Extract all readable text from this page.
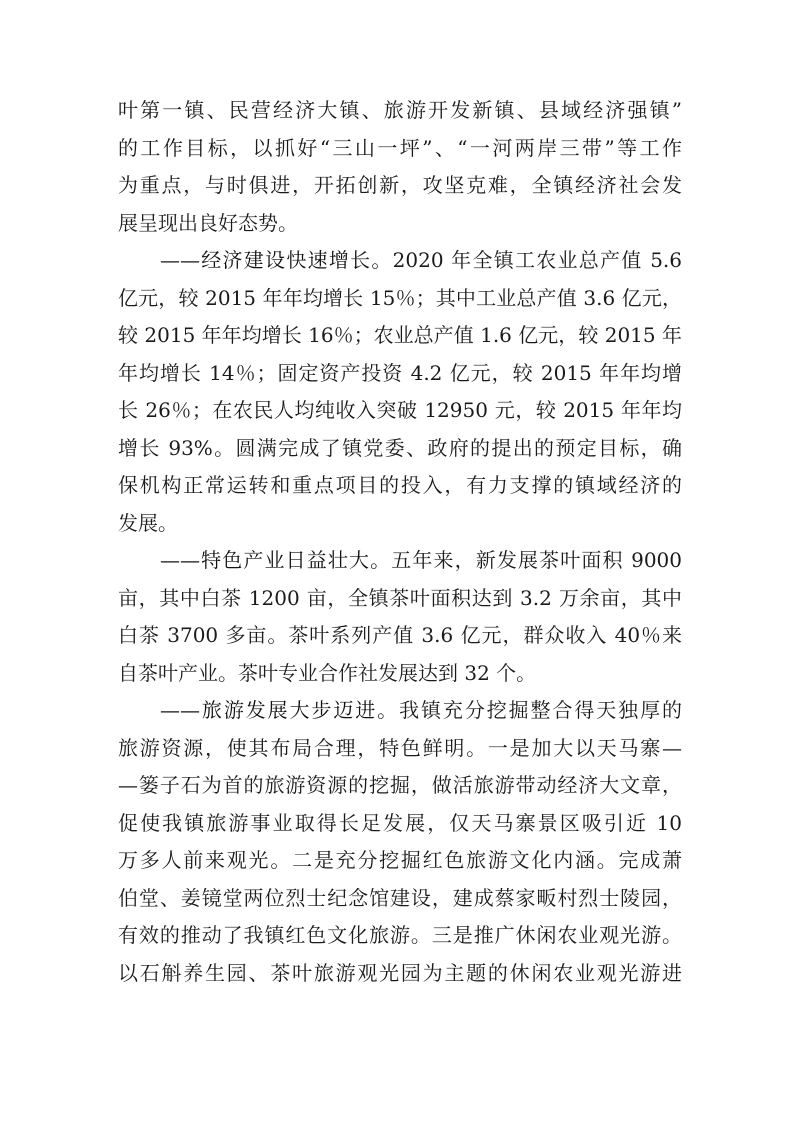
叶第一镇、民营经济大镇、旅游开发新镇、县域经济强镇”
的工作目标，以抓好“三山一坪”、“一河两岸三带”等工作
为重点，与时俱进，开拓创新，攻坚克难，全镇经济社会发
展呈现出良好态势。
——经济建设快速增长。2020 年全镇工农业总产值 5.6
亿元，较 2015 年年均增长 15％；其中工业总产值 3.6 亿元，
较 2015 年年均增长 16％；农业总产值 1.6 亿元，较 2015 年
年均增长 14％；固定资产投资 4.2 亿元，较 2015 年年均增
长 26％；在农民人均纯收入突破 12950 元，较 2015 年年均
增长 93%。圆满完成了镇党委、政府的提出的预定目标，确
保机构正常运转和重点项目的投入，有力支撑的镇域经济的
发展。
——特色产业日益壮大。五年来，新发展茶叶面积 9000
亩，其中白茶 1200 亩，全镇茶叶面积达到 3.2 万余亩，其中
白茶 3700 多亩。茶叶系列产值 3.6 亿元，群众收入 40％来
自茶叶产业。茶叶专业合作社发展达到 32 个。
——旅游发展大步迈进。我镇充分挖掘整合得天独厚的
旅游资源，使其布局合理，特色鲜明。一是加大以天马寨—
—篓子石为首的旅游资源的挖掘，做活旅游带动经济大文章，
促使我镇旅游事业取得长足发展，仅天马寨景区吸引近 10
万多人前来观光。二是充分挖掘红色旅游文化内涵。完成萧
伯堂、姜镜堂两位烈士纪念馆建设，建成蔡家畈村烈士陵园，
有效的推动了我镇红色文化旅游。三是推广休闲农业观光游。
以石斛养生园、茶叶旅游观光园为主题的休闲农业观光游进
